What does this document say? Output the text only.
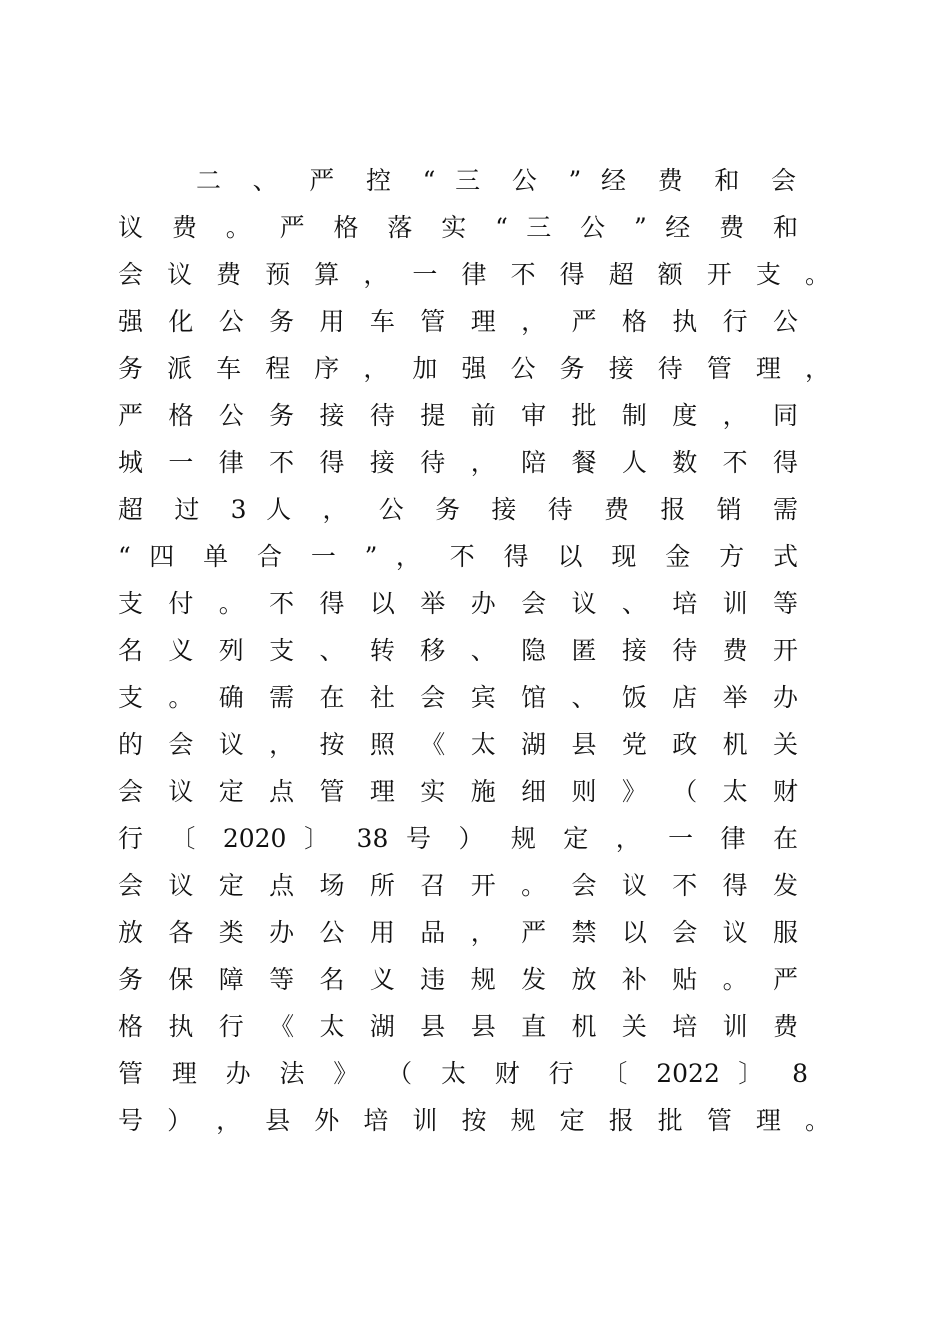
二 、 严 控 “ 三 公 ” 经 费 和 会
议 费 。 严 格 落 实 “ 三 公 ” 经 费 和
会 议 费 预 算 ， 一 律 不 得 超 额 开 支 。
强 化 公 务 用 车 管 理 ， 严 格 执 行 公
务 派 车 程 序 ， 加 强 公 务 接 待 管 理 ，
严 格 公 务 接 待 提 前 审 批 制 度 ， 同
城 一 律 不 得 接 待 ， 陪 餐 人 数 不 得
超 过 3 人 ， 公 务 接 待 费 报 销 需
“ 四 单 合 一 ” ， 不 得 以 现 金 方 式
支 付 。 不 得 以 举 办 会 议 、 培 训 等
名 义 列 支 、 转 移 、 隐 匿 接 待 费 开
支 。 确 需 在 社 会 宾 馆 、 饭 店 举 办
的 会 议 ， 按 照 《 太 湖 县 党 政 机 关
会 议 定 点 管 理 实 施 细 则 》 （ 太 财
行 〔 2020 〕 38 号 ） 规 定 ， 一 律 在
会 议 定 点 场 所 召 开 。 会 议 不 得 发
放 各 类 办 公 用 品 ， 严 禁 以 会 议 服
务 保 障 等 名 义 违 规 发 放 补 贴 。 严
格 执 行 《 太 湖 县 县 直 机 关 培 训 费
管 理 办 法 》 （ 太 财 行 〔 2022 〕 8
号 ） ， 县 外 培 训 按 规 定 报 批 管 理 。
